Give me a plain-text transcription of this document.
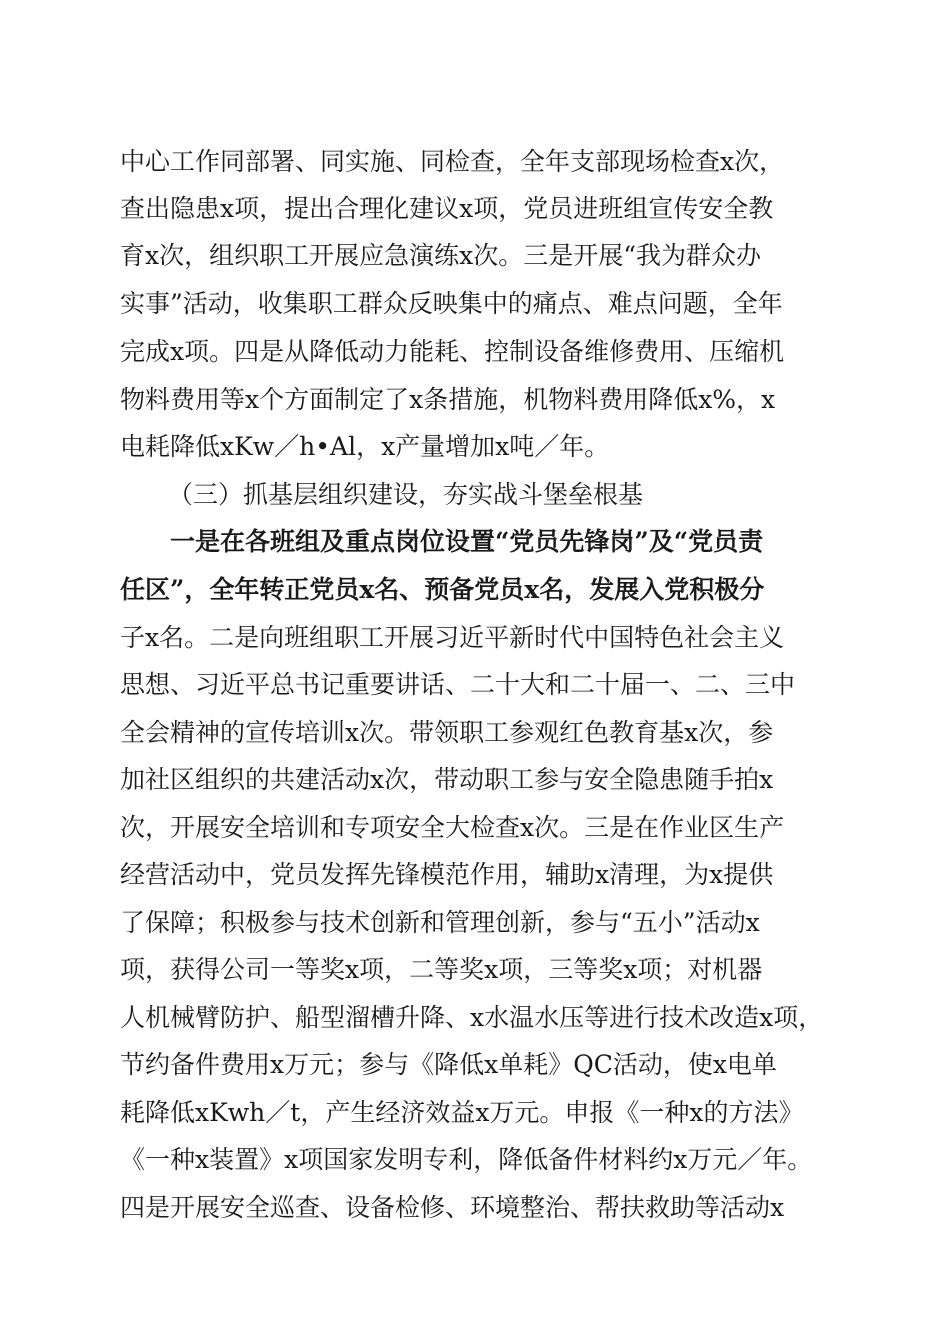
中心工作同部署、同实施、同检查，全年支部现场检查x次，
查出隐患x项，提出合理化建议x项，党员进班组宣传安全教
育x次，组织职工开展应急演练x次。三是开展“我为群众办
实事”活动，收集职工群众反映集中的痛点、难点问题，全年
完成x项。四是从降低动力能耗、控制设备维修费用、压缩机
物料费用等x个方面制定了x条措施，机物料费用降低x%，x
电耗降低xKw／h•Al，x产量增加x吨／年。
（三）抓基层组织建设，夯实战斗堡垒根基
一是在各班组及重点岗位设置“党员先锋岗”及“党员责
任区”，全年转正党员x名、预备党员x名，发展入党积极分
子x名。二是向班组职工开展习近平新时代中国特色社会主义
思想、习近平总书记重要讲话、二十大和二十届一、二、三中
全会精神的宣传培训x次。带领职工参观红色教育基x次，参
加社区组织的共建活动x次，带动职工参与安全隐患随手拍x
次，开展安全培训和专项安全大检查x次。三是在作业区生产
经营活动中，党员发挥先锋模范作用，辅助x清理，为x提供
了保障；积极参与技术创新和管理创新，参与“五小”活动x
项，获得公司一等奖x项，二等奖x项，三等奖x项；对机器
人机械臂防护、船型溜槽升降、x水温水压等进行技术改造x项，
节约备件费用x万元；参与《降低x单耗》QC活动，使x电单
耗降低xKwh／t，产生经济效益x万元。申报《一种x的方法》
《一种x装置》x项国家发明专利，降低备件材料约x万元／年。
四是开展安全巡查、设备检修、环境整治、帮扶救助等活动x
